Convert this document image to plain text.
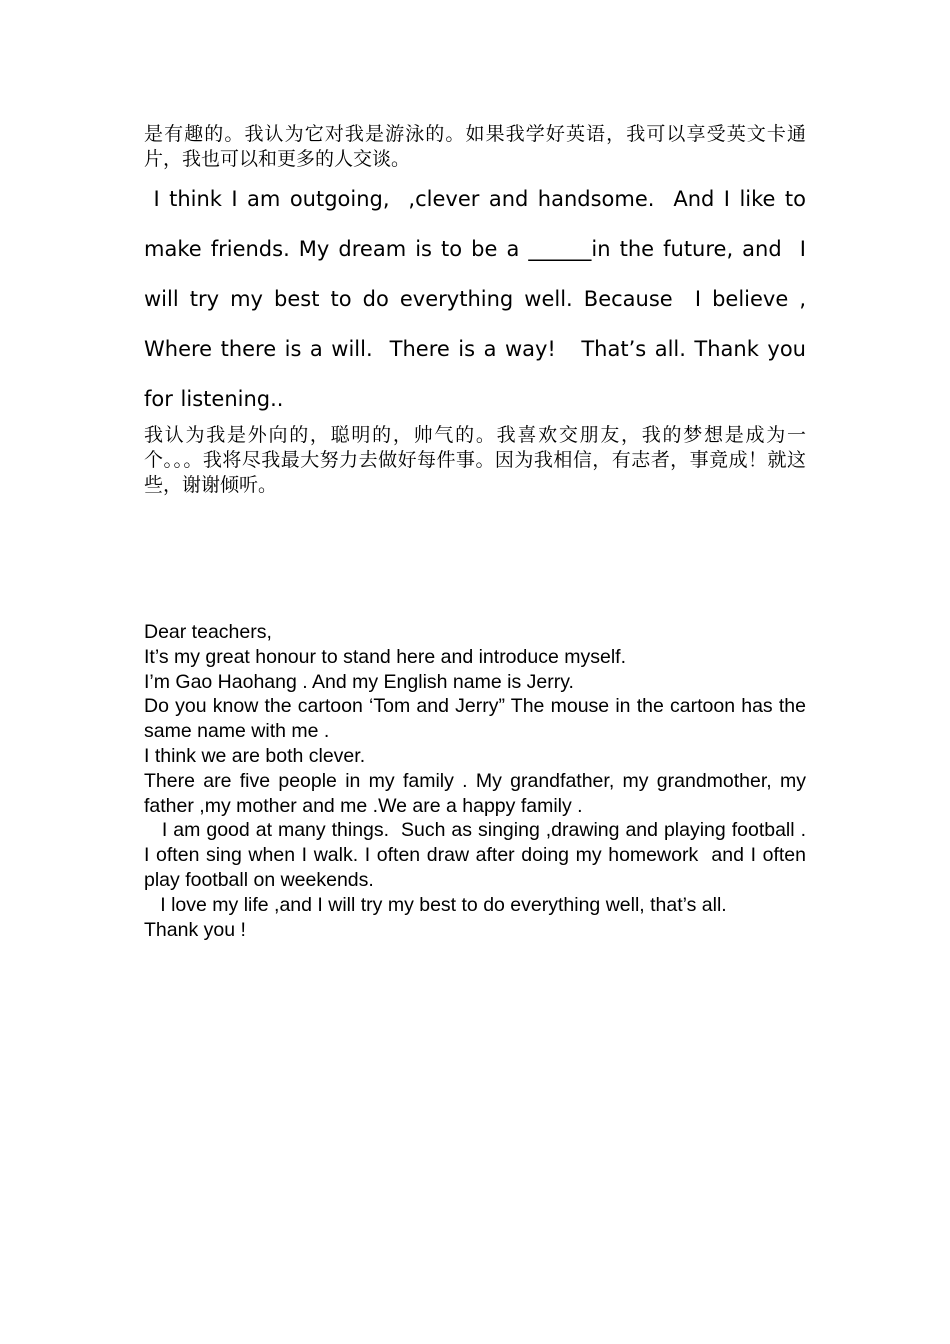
是有趣的。我认为它对我是游泳的。如果我学好英语，我可以享受英文卡通片，我也可以和更多的人交谈。

I think I am outgoing,  ,clever and handsome.  And I like to make friends. My dream is to be a ______in the future, and  I will try my best to do everything well. Because  I believe ,  Where there is a will.  There is a way!   That’s all. Thank you for listening..

我认为我是外向的，聪明的，帅气的。我喜欢交朋友，我的梦想是成为一个。。。我将尽我最大努力去做好每件事。因为我相信，有志者，事竟成！就这些，谢谢倾听。

Dear teachers,

It’s my great honour to stand here and introduce myself.

I’m Gao Haohang . And my English name is Jerry.

Do you know the cartoon ‘Tom and Jerry” The mouse in the cartoon has the same name with me .

I think we are both clever.

There are five people in my family . My grandfather, my grandmother, my father ,my mother and me .We are a happy family .

I am good at many things.  Such as singing ,drawing and playing football . I often sing when I walk. I often draw after doing my homework  and I often play football on weekends.

I love my life ,and I will try my best to do everything well, that’s all.

Thank you !
